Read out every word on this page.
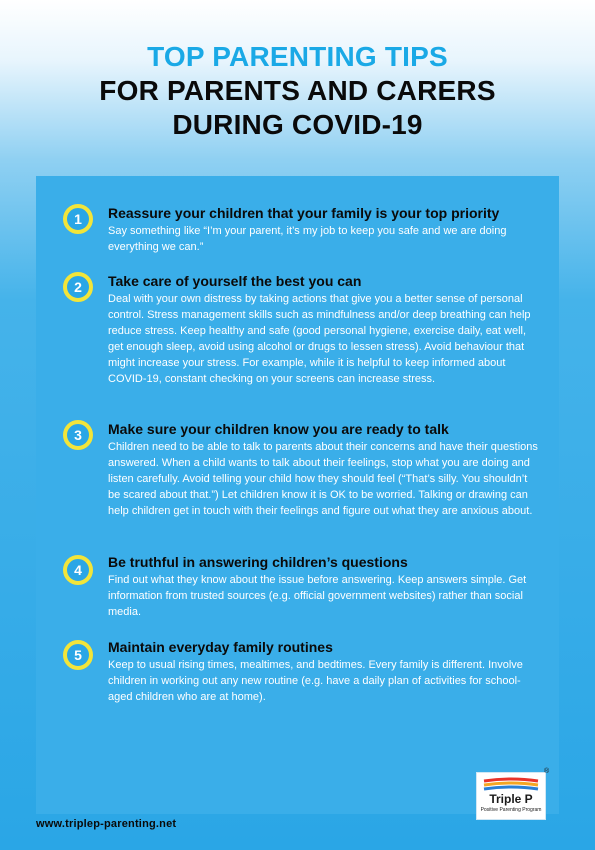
TOP PARENTING TIPS

FOR PARENTS AND CARERS

DURING COVID-19

1	Reassure your children that your family is your top priority

Say something like “I’m your parent, it’s my job to keep you safe and we are doing everything we can.”

2	Take care of yourself the best you can

Deal with your own distress by taking actions that give you a better sense of personal control. Stress management skills such as mindfulness and/or deep breathing can help reduce stress. Keep healthy and safe (good personal hygiene, exercise daily, eat well, get enough sleep, avoid using alcohol or drugs to lessen stress). Avoid behaviour that might increase your stress. For example, while it is helpful to keep informed about COVID-19, constant checking on your screens can increase stress.

3	Make sure your children know you are ready to talk

Children need to be able to talk to parents about their concerns and have their questions answered. When a child wants to talk about their feelings, stop what you are doing and listen carefully. Avoid telling your child how they should feel (“That’s silly. You shouldn’t be scared about that.”) Let children know it is OK to be worried. Talking or drawing can help children get in touch with their feelings and figure out what they are anxious about.

4	Be truthful in answering children’s questions

Find out what they know about the issue before answering. Keep answers simple. Get information from trusted sources (e.g. official government websites) rather than social media.

5	Maintain everyday family routines

Keep to usual rising times, mealtimes, and bedtimes. Every family is different. Involve children in working out any new routine (e.g. have a daily plan of activities for school-aged children who are at home).

Triple P
Positive Parenting Program
®
www.triplep-parenting.net
